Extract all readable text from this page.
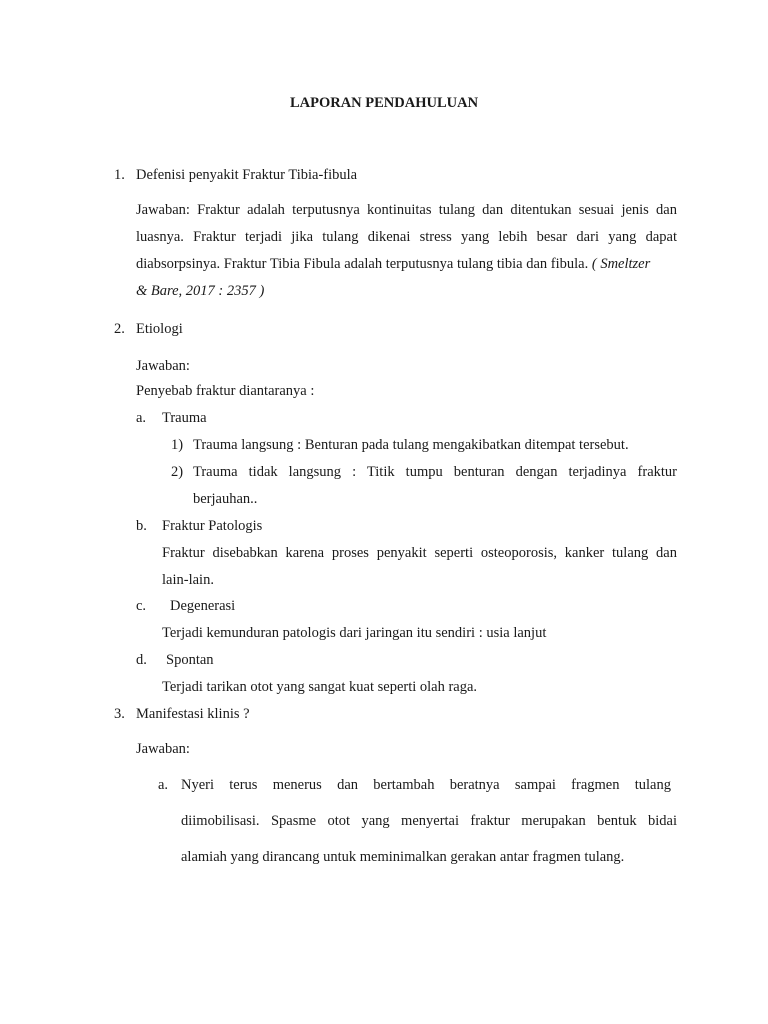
LAPORAN PENDAHULUAN
1. Defenisi penyakit Fraktur Tibia-fibula
Jawaban: Fraktur adalah terputusnya kontinuitas tulang dan ditentukan sesuai jenis dan
luasnya. Fraktur terjadi jika tulang dikenai stress yang lebih besar dari yang dapat
diabsorpsinya. Fraktur Tibia Fibula adalah terputusnya tulang tibia dan fibula. ( Smeltzer
& Bare, 2017 : 2357 )
2. Etiologi
Jawaban:
Penyebab fraktur diantaranya :
a. Trauma
1) Trauma langsung : Benturan pada tulang mengakibatkan ditempat tersebut.
2) Trauma tidak langsung : Titik tumpu benturan dengan terjadinya fraktur
berjauhan..
b. Fraktur Patologis
Fraktur disebabkan karena proses penyakit seperti osteoporosis, kanker tulang dan
lain-lain.
c. Degenerasi
Terjadi kemunduran patologis dari jaringan itu sendiri : usia lanjut
d. Spontan
Terjadi tarikan otot yang sangat kuat seperti olah raga.
3. Manifestasi klinis ?
Jawaban:
a. Nyeri terus menerus dan bertambah beratnya sampai fragmen tulang
diimobilisasi. Spasme otot yang menyertai fraktur merupakan bentuk bidai
alamiah yang dirancang untuk meminimalkan gerakan antar fragmen tulang.
